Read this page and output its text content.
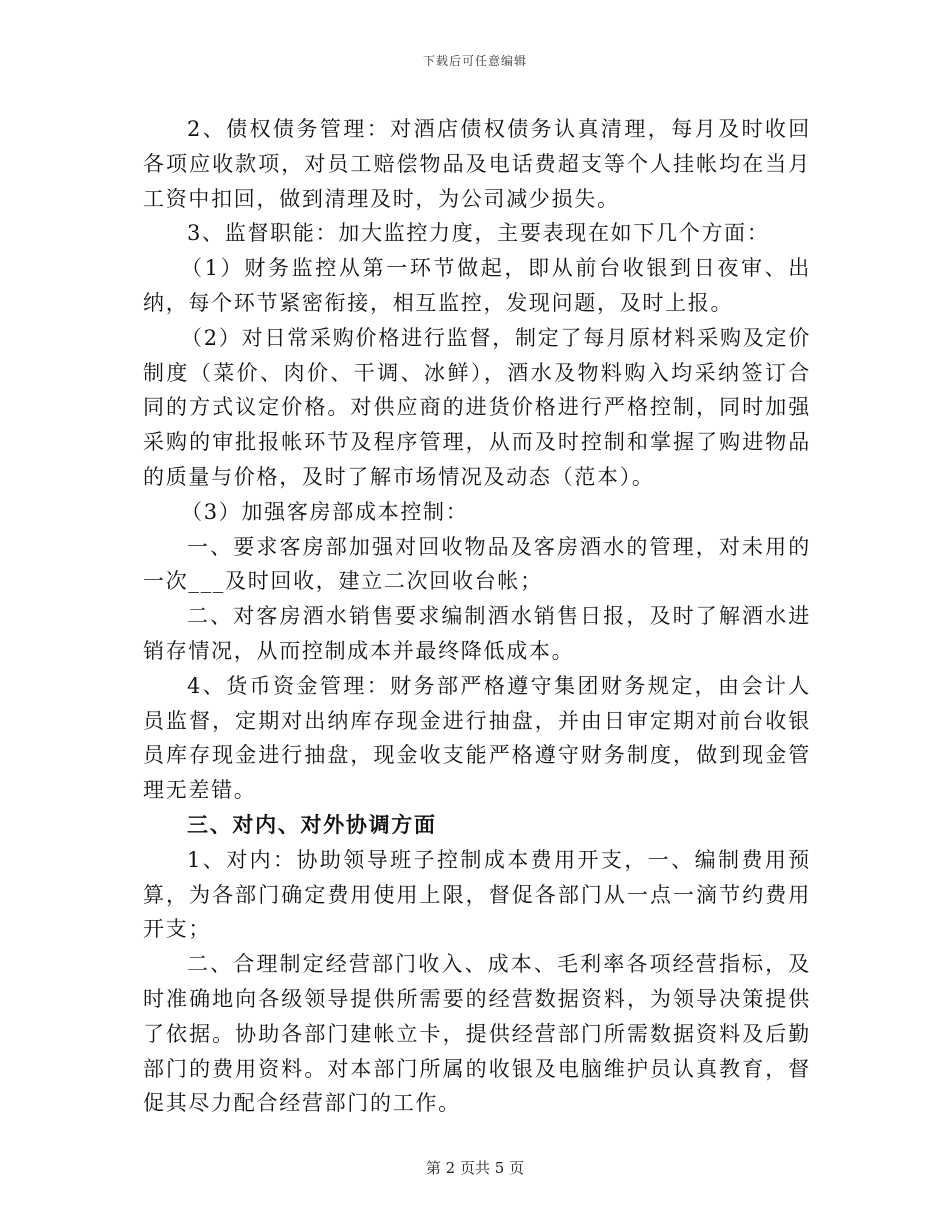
下载后可任意编辑

2、债权债务管理：对酒店债权债务认真清理，每月及时收回各项应收款项，对员工赔偿物品及电话费超支等个人挂帐均在当月工资中扣回，做到清理及时，为公司减少损失。

3、监督职能：加大监控力度，主要表现在如下几个方面：

（1）财务监控从第一环节做起，即从前台收银到日夜审、出纳，每个环节紧密衔接，相互监控，发现问题，及时上报。

（2）对日常采购价格进行监督，制定了每月原材料采购及定价制度（菜价、肉价、干调、冰鲜），酒水及物料购入均采纳签订合同的方式议定价格。对供应商的进货价格进行严格控制，同时加强采购的审批报帐环节及程序管理，从而及时控制和掌握了购进物品的质量与价格，及时了解市场情况及动态（范本）。

（3）加强客房部成本控制：

一、要求客房部加强对回收物品及客房酒水的管理，对未用的一次___及时回收，建立二次回收台帐；

二、对客房酒水销售要求编制酒水销售日报，及时了解酒水进销存情况，从而控制成本并最终降低成本。

4、货币资金管理：财务部严格遵守集团财务规定，由会计人员监督，定期对出纳库存现金进行抽盘，并由日审定期对前台收银员库存现金进行抽盘，现金收支能严格遵守财务制度，做到现金管理无差错。

三、对内、对外协调方面

1、对内：协助领导班子控制成本费用开支，一、编制费用预算，为各部门确定费用使用上限，督促各部门从一点一滴节约费用开支；

二、合理制定经营部门收入、成本、毛利率各项经营指标，及时准确地向各级领导提供所需要的经营数据资料，为领导决策提供了依据。协助各部门建帐立卡，提供经营部门所需数据资料及后勤部门的费用资料。对本部门所属的收银及电脑维护员认真教育，督促其尽力配合经营部门的工作。

第 2 页共 5 页
